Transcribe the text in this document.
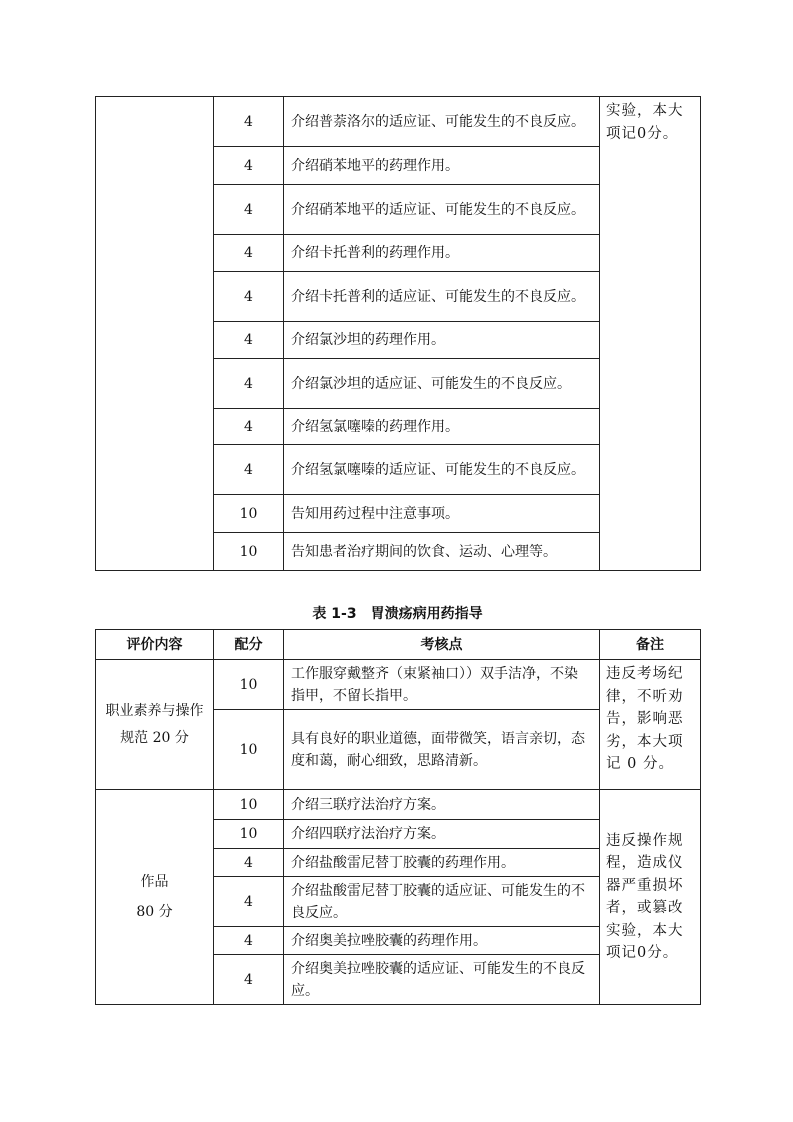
	4	介绍普萘洛尔的适应证、可能发生的不良反应。	实验，本大项记0分。
	4	介绍硝苯地平的药理作用。	
	4	介绍硝苯地平的适应证、可能发生的不良反应。	
	4	介绍卡托普利的药理作用。	
	4	介绍卡托普利的适应证、可能发生的不良反应。	
	4	介绍氯沙坦的药理作用。	
	4	介绍氯沙坦的适应证、可能发生的不良反应。	
	4	介绍氢氯噻嗪的药理作用。	
	4	介绍氢氯噻嗪的适应证、可能发生的不良反应。	
	10	告知用药过程中注意事项。	
	10	告知患者治疗期间的饮食、运动、心理等。	

表 1-3　胃溃疡病用药指导

评价内容	配分	考核点	备注
职业素养与操作规范 20 分	10	工作服穿戴整齐（束紧袖口））双手洁净，不染指甲，不留长指甲。	违反考场纪律，不听劝告，影响恶劣，本大项记 0 分。
	10	具有良好的职业道德，面带微笑，语言亲切，态度和蔼，耐心细致，思路清新。	

作品
80 分	10	介绍三联疗法治疗方案。	违反操作规程，造成仪器严重损坏者，或篡改实验，本大项记0分。
	10	介绍四联疗法治疗方案。	
	4	介绍盐酸雷尼替丁胶囊的药理作用。	
	4	介绍盐酸雷尼替丁胶囊的适应证、可能发生的不良反应。	
	4	介绍奥美拉唑胶囊的药理作用。	
	4	介绍奥美拉唑胶囊的适应证、可能发生的不良反应。	
